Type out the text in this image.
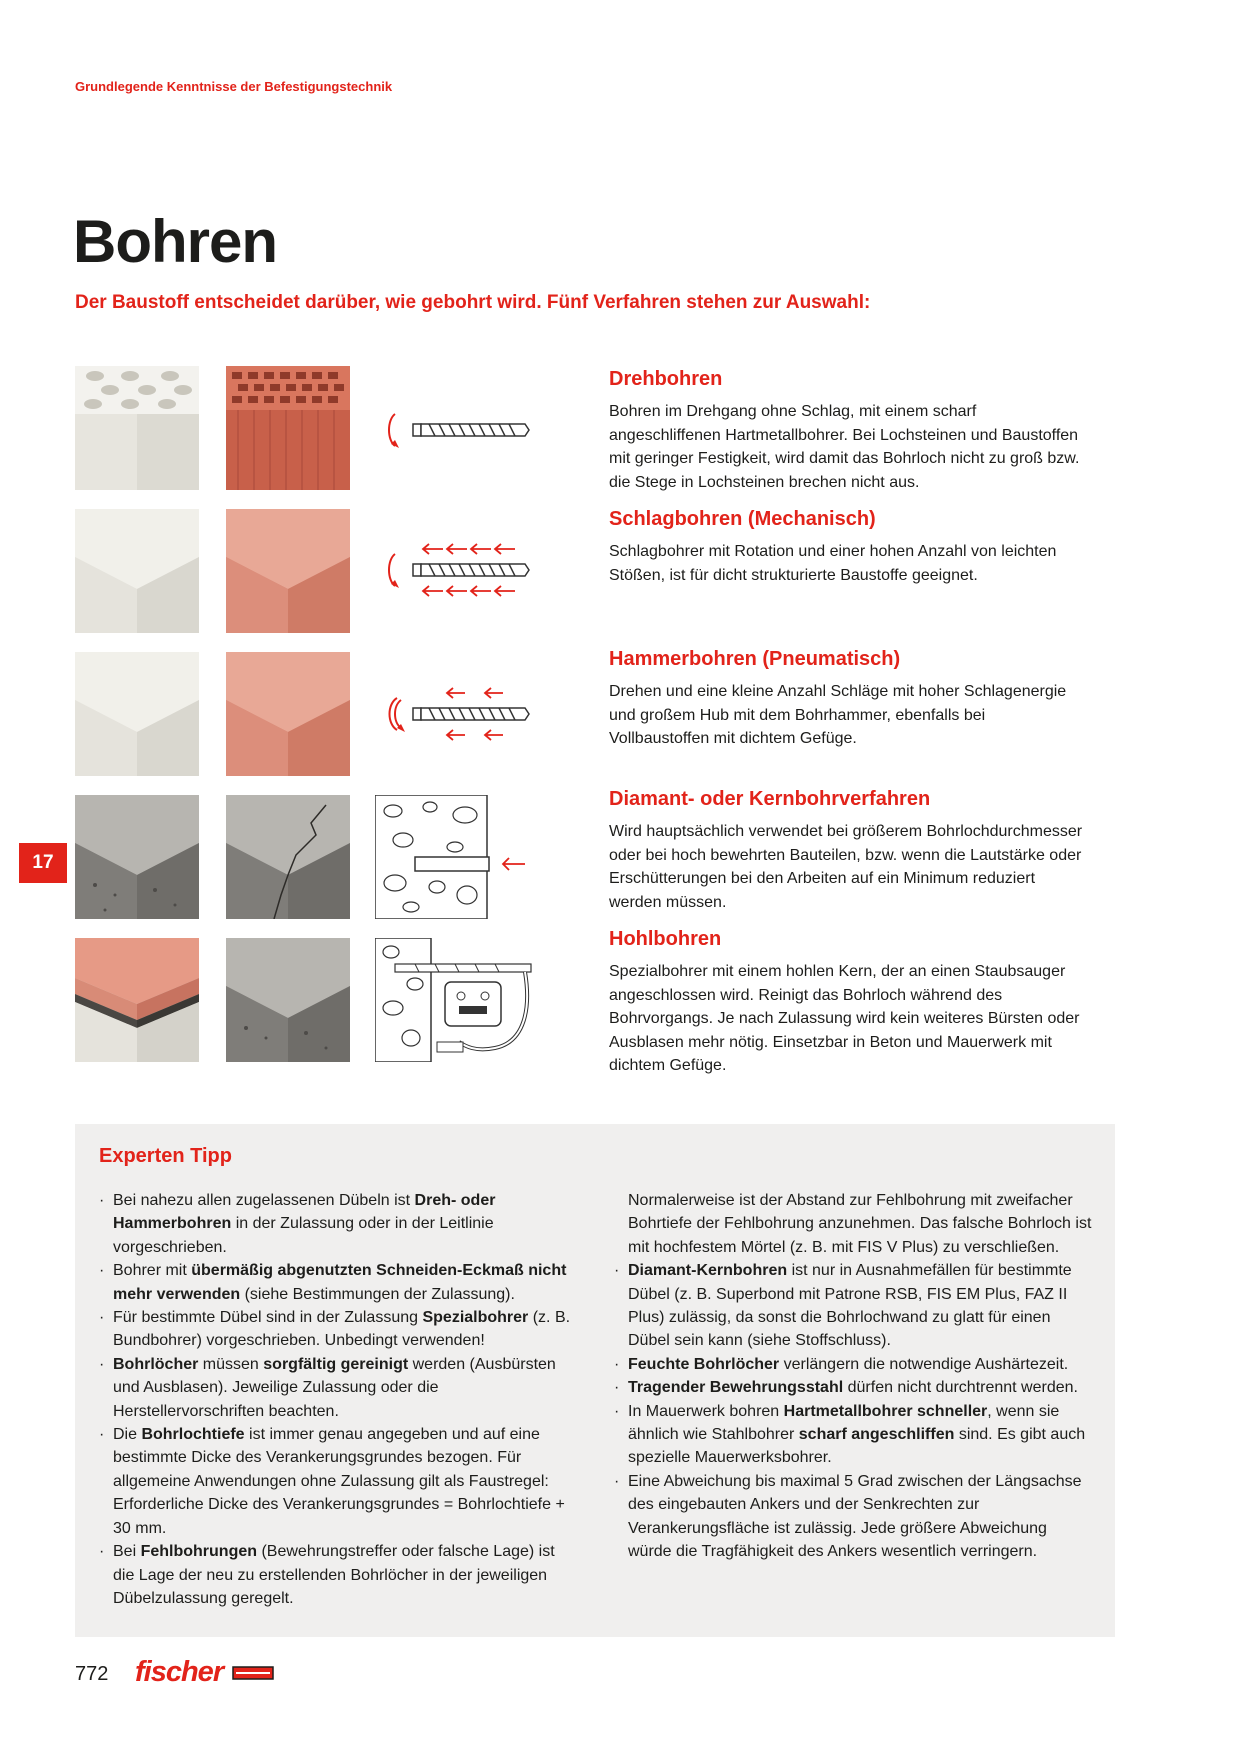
Grundlegende Kenntnisse der Befestigungstechnik
Bohren
Der Baustoff entscheidet darüber, wie gebohrt wird. Fünf Verfahren stehen zur Auswahl:
Drehbohren

Bohren im Drehgang ohne Schlag, mit einem scharf angeschliffenen Hartmetallbohrer. Bei Lochsteinen und Baustoffen mit geringer Festigkeit, wird damit das Bohrloch nicht zu groß bzw. die Stege in Lochsteinen brechen nicht aus.

Schlagbohren (Mechanisch)

Schlagbohrer mit Rotation und einer hohen Anzahl von leichten Stößen, ist für dicht strukturierte Baustoffe geeignet.

Hammerbohren (Pneumatisch)

Drehen und eine kleine Anzahl Schläge mit hoher Schlagenergie und großem Hub mit dem Bohrhammer, ebenfalls bei Vollbaustoffen mit dichtem Gefüge.

Diamant- oder Kernbohrverfahren

Wird hauptsächlich verwendet bei größerem Bohrlochdurchmesser oder bei hoch bewehrten Bauteilen, bzw. wenn die Lautstärke oder Erschütterungen bei den Arbeiten auf ein Minimum reduziert werden müssen.

Hohlbohren

Spezialbohrer mit einem hohlen Kern, der an einen Staubsauger angeschlossen wird. Reinigt das Bohrloch während des Bohrvorgangs. Je nach Zulassung wird kein weiteres Bürsten oder Ausblasen mehr nötig. Einsetzbar in Beton und Mauerwerk mit dichtem Gefüge.

17
Experten Tipp
· Bei nahezu allen zugelassenen Dübeln ist Dreh- oder Hammerbohren in der Zulassung oder in der Leitlinie vorgeschrieben.
· Bohrer mit übermäßig abgenutzten Schneiden-Eckmaß nicht mehr verwenden (siehe Bestimmungen der Zulassung).
· Für bestimmte Dübel sind in der Zulassung Spezialbohrer (z. B. Bundbohrer) vorgeschrieben. Unbedingt verwenden!
· Bohrlöcher müssen sorgfältig gereinigt werden (Ausbürsten und Ausblasen). Jeweilige Zulassung oder die Herstellervorschriften beachten.
· Die Bohrlochtiefe ist immer genau angegeben und auf eine bestimmte Dicke des Verankerungsgrundes bezogen. Für allgemeine Anwendungen ohne Zulassung gilt als Faustregel: Erforderliche Dicke des Verankerungsgrundes = Bohrlochtiefe + 30 mm.
· Bei Fehlbohrungen (Bewehrungstreffer oder falsche Lage) ist die Lage der neu zu erstellenden Bohrlöcher in der jeweiligen Dübelzulassung geregelt.

Normalerweise ist der Abstand zur Fehlbohrung mit zweifacher Bohrtiefe der Fehlbohrung anzunehmen. Das falsche Bohrloch ist mit hochfestem Mörtel (z. B. mit FIS V Plus) zu verschließen.

· Diamant-Kernbohren ist nur in Ausnahmefällen für bestimmte Dübel (z. B. Superbond mit Patrone RSB, FIS EM Plus, FAZ II Plus) zulässig, da sonst die Bohrlochwand zu glatt für einen Dübel sein kann (siehe Stoffschluss).
· Feuchte Bohrlöcher verlängern die notwendige Aushärtezeit.
· Tragender Bewehrungsstahl dürfen nicht durchtrennt werden.
· In Mauerwerk bohren Hartmetallbohrer schneller, wenn sie ähnlich wie Stahlbohrer scharf angeschliffen sind. Es gibt auch spezielle Mauerwerksbohrer.
· Eine Abweichung bis maximal 5 Grad zwischen der Längsachse des eingebauten Ankers und der Senkrechten zur Verankerungsfläche ist zulässig. Jede größere Abweichung würde die Tragfähigkeit des Ankers wesentlich verringern.
772 fischer
